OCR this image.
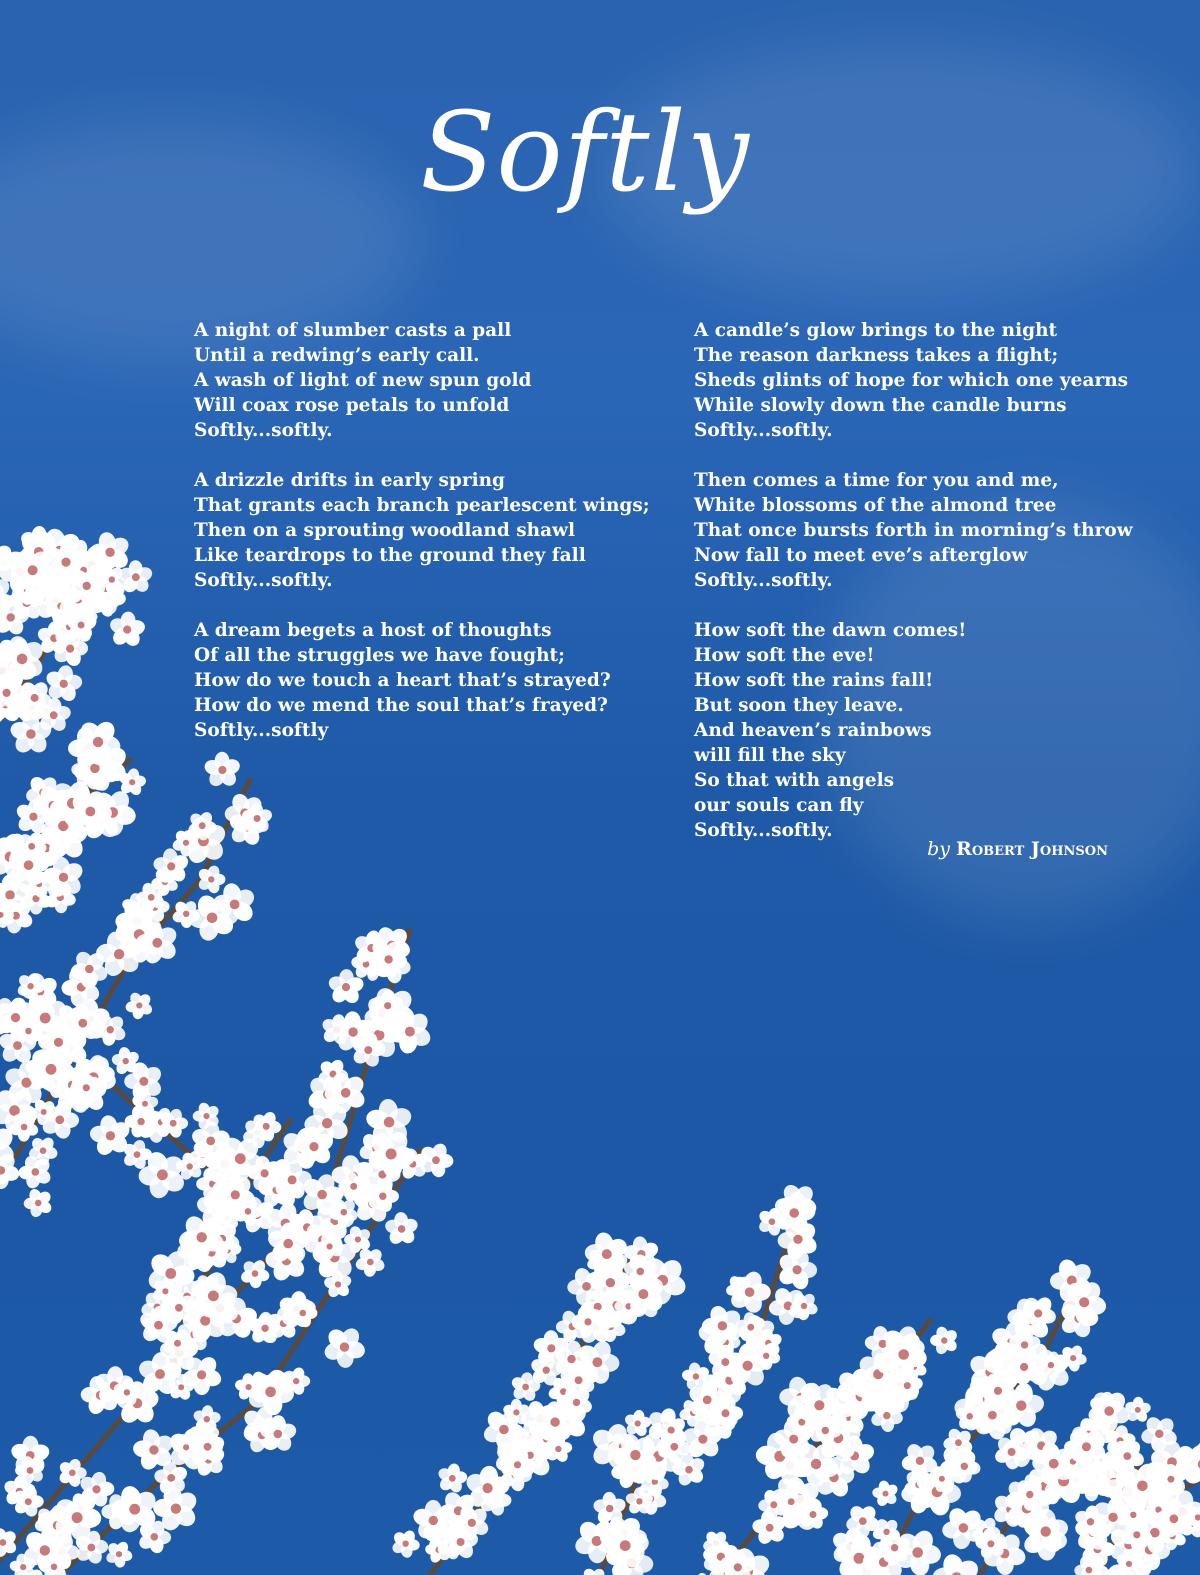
Softly
A night of slumber casts a pall
Until a redwing’s early call.
A wash of light of new spun gold
Will coax rose petals to unfold
Softly...softly.
A drizzle drifts in early spring
That grants each branch pearlescent wings;
Then on a sprouting woodland shawl
Like teardrops to the ground they fall
Softly...softly.
A dream begets a host of thoughts
Of all the struggles we have fought;
How do we touch a heart that’s strayed?
How do we mend the soul that’s frayed?
Softly...softly
A candle’s glow brings to the night
The reason darkness takes a flight;
Sheds glints of hope for which one yearns
While slowly down the candle burns
Softly...softly.
Then comes a time for you and me,
White blossoms of the almond tree
That once bursts forth in morning’s throw
Now fall to meet eve’s afterglow
Softly...softly.
How soft the dawn comes!
How soft the eve!
How soft the rains fall!
But soon they leave.
And heaven’s rainbows
will fill the sky
So that with angels
our souls can fly
Softly...softly.
by Robert Johnson
